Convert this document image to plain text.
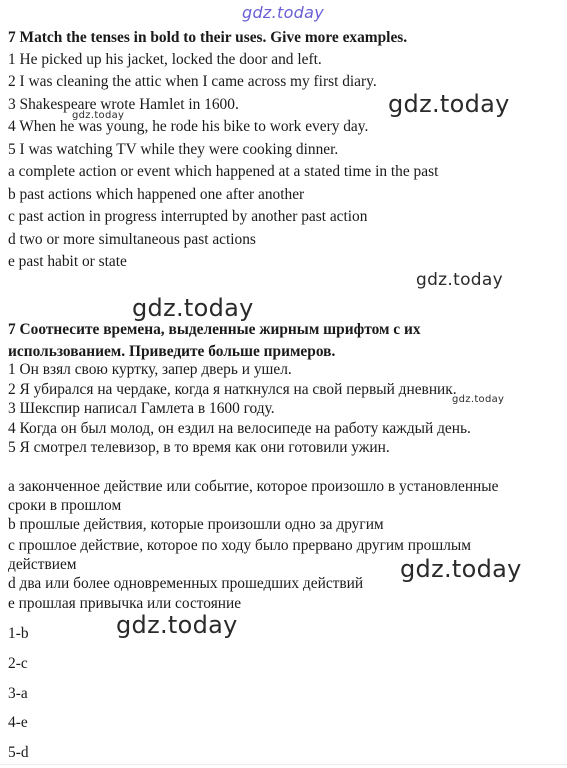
gdz.today
gdz.today	gdz.today
gdz.today
gdz.today
gdz.today
gdz.today
gdz.today
7 Match the tenses in bold to their uses. Give more examples.
1 He picked up his jacket, locked the door and left.
2 I was cleaning the attic when I came across my first diary.
3 Shakespeare wrote Hamlet in 1600.
4 When he was young, he rode his bike to work every day.
5 I was watching TV while they were cooking dinner.
a complete action or event which happened at a stated time in the past
b past actions which happened one after another
c past action in progress interrupted by another past action
d two or more simultaneous past actions
e past habit or state
7 Соотнесите времена, выделенные жирным шрифтом с их
использованием. Приведите больше примеров.
1 Он взял свою куртку, запер дверь и ушел.
2 Я убирался на чердаке, когда я наткнулся на свой первый дневник.
3 Шекспир написал Гамлета в 1600 году.
4 Когда он был молод, он ездил на велосипеде на работу каждый день.
5 Я смотрел телевизор, в то время как они готовили ужин.
a законченное действие или событие, которое произошло в установленные
сроки в прошлом
b прошлые действия, которые произошли одно за другим
c прошлое действие, которое по ходу было прервано другим прошлым
действием
d два или более одновременных прошедших действий
e прошлая привычка или состояние
1-b
2-c
3-a
4-e
5-d
